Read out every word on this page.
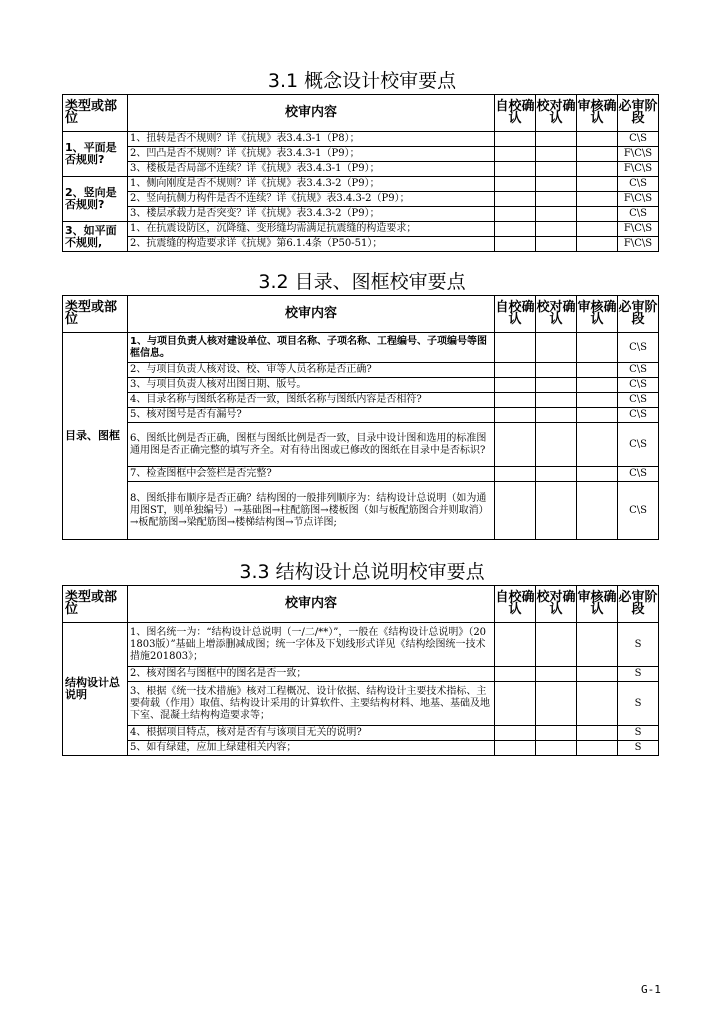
3.1 概念设计校审要点
类型或部位	校审内容	自校确认	校对确认	审核确认	必审阶段
1、平面是否规则?	1、扭转是否不规则？详《抗规》表3.4.3-1（P8）；				C\S
	2、凹凸是否不规则？详《抗规》表3.4.3-1（P9）；				F\C\S
	3、楼板是否局部不连续？详《抗规》表3.4.3-1（P9）；				F\C\S
2、竖向是否规则?	1、侧向刚度是否不规则？详《抗规》表3.4.3-2（P9）；				C\S
	2、竖向抗侧力构件是否不连续？详《抗规》表3.4.3-2（P9）；				F\C\S
	3、楼层承载力是否突变？详《抗规》表3.4.3-2（P9）；				C\S
3、如平面不规则,	1、在抗震设防区，沉降缝、变形缝均需满足抗震缝的构造要求；				F\C\S
	2、抗震缝的构造要求详《抗规》第6.1.4条（P50-51）；				F\C\S
3.2 目录、图框校审要点
类型或部位	校审内容	自校确认	校对确认	审核确认	必审阶段
目录、图框	1、与项目负责人核对建设单位、项目名称、子项名称、工程编号、子项编号等图框信息。				C\S
	2、与项目负责人核对设、校、审等人员名称是否正确?				C\S
	3、与项目负责人核对出图日期、版号。				C\S
	4、目录名称与图纸名称是否一致，图纸名称与图纸内容是否相符?				C\S
	5、核对图号是否有漏号?				C\S
	6、图纸比例是否正确，图框与图纸比例是否一致，目录中设计图和选用的标准图通用图是否正确完整的填写齐全。对有待出图或已修改的图纸在目录中是否标识?				C\S
	7、检查图框中会签栏是否完整?				C\S
	8、图纸排布顺序是否正确？结构图的一般排列顺序为：结构设计总说明（如为通用图ST，则单独编号）→基础图→柱配筋图→楼板图（如与板配筋图合并则取消）→板配筋图→梁配筋图→楼梯结构图→节点详图;				C\S
3.3 结构设计总说明校审要点
类型或部位	校审内容	自校确认	校对确认	审核确认	必审阶段
结构设计总说明	1、图名统一为：“结构设计总说明（一/二/**）”，一般在《结构设计总说明》（201803版）”基础上增添删减成图；统一字体及下划线形式详见《结构绘图统一技术措施201803》；				S
	2、核对图名与图框中的图名是否一致；				S
	3、根据《统一技术措施》核对工程概况、设计依据、结构设计主要技术指标、主要荷载（作用）取值、结构设计采用的计算软件、主要结构材料、地基、基础及地下室、混凝土结构构造要求等；				S
	4、根据项目特点，核对是否有与该项目无关的说明?				S
	5、如有绿建，应加上绿建相关内容；				S
G-1
